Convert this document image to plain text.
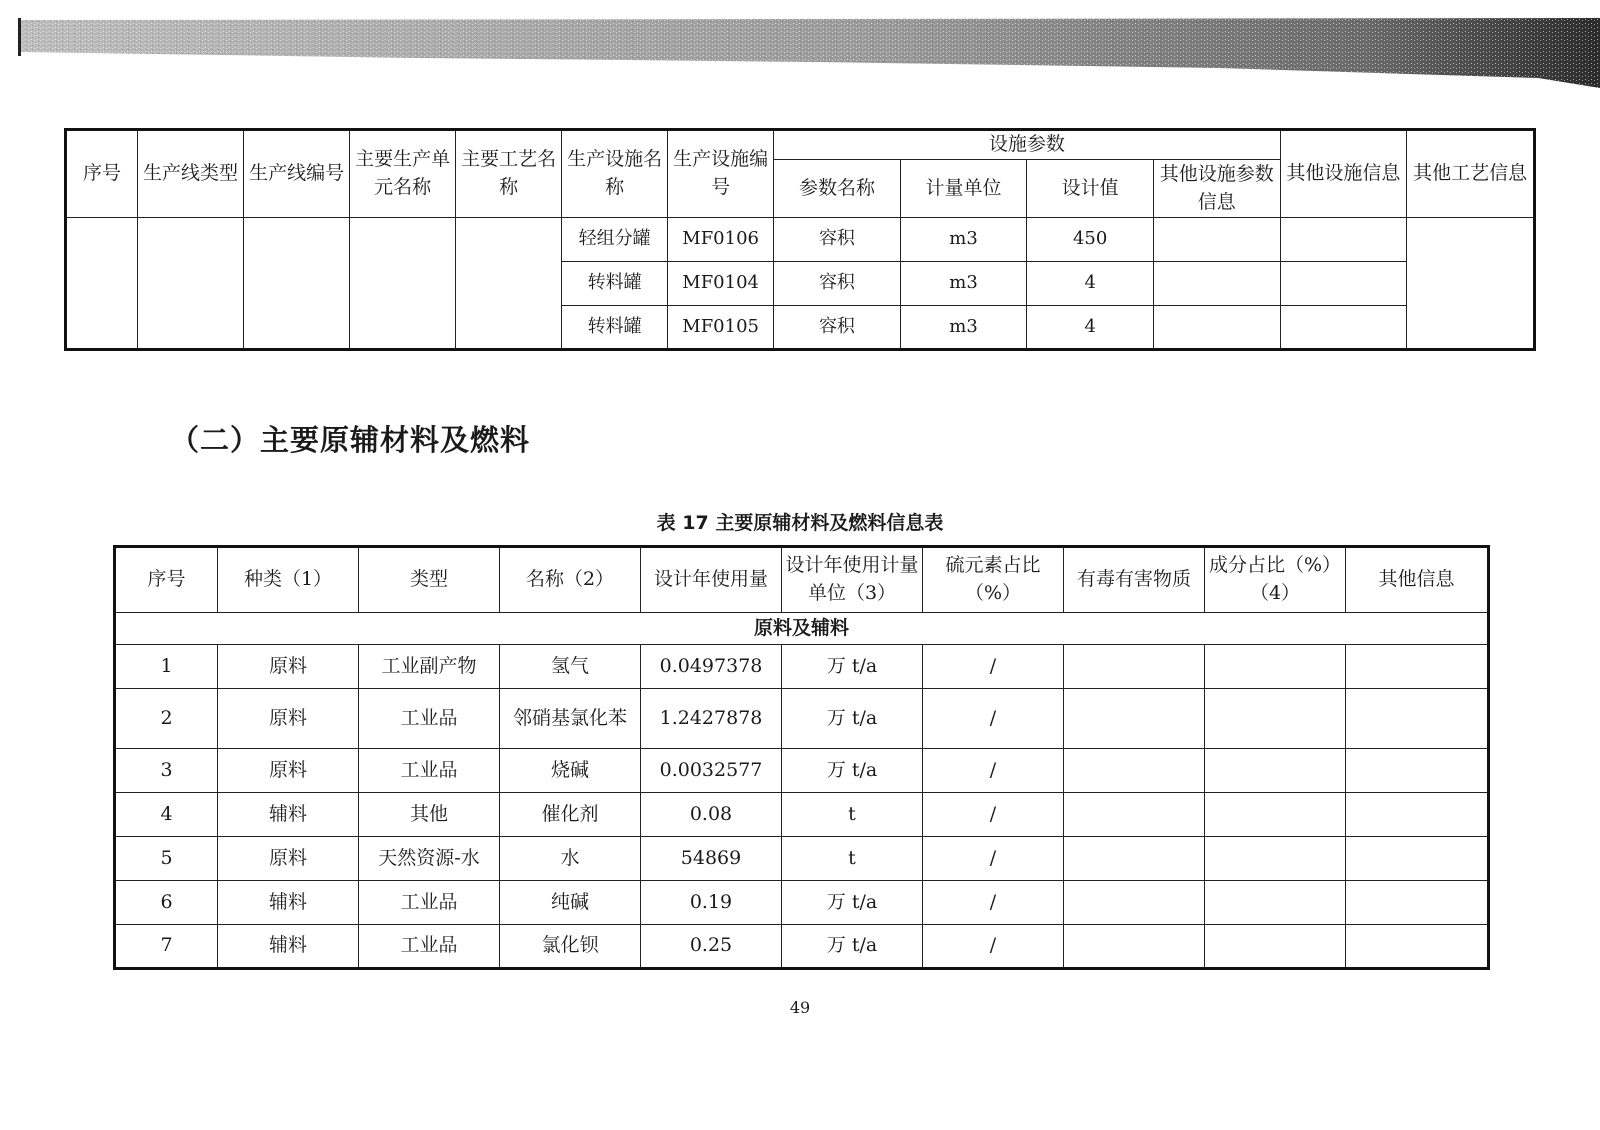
序号	生产线类型	生产线编号	主要生产单元名称	主要工艺名称	生产设施名称	生产设施编号	设施参数				其他设施信息	其他工艺信息
							参数名称	计量单位	设计值	其他设施参数信息		
					轻组分罐	MF0106	容积	m3	450			
					转料罐	MF0104	容积	m3	4			
					转料罐	MF0105	容积	m3	4			
（二）主要原辅材料及燃料
表 17 主要原辅材料及燃料信息表
序号	种类（1）	类型	名称（2）	设计年使用量	设计年使用计量单位（3）	硫元素占比（%）	有毒有害物质	成分占比（%）（4）	其他信息
原料及辅料									
1	原料	工业副产物	氢气	0.0497378	万 t/a	/			
2	原料	工业品	邻硝基氯化苯	1.2427878	万 t/a	/			
3	原料	工业品	烧碱	0.0032577	万 t/a	/			
4	辅料	其他	催化剂	0.08	t	/			
5	原料	天然资源-水	水	54869	t	/			
6	辅料	工业品	纯碱	0.19	万 t/a	/			
7	辅料	工业品	氯化钡	0.25	万 t/a	/			
49
